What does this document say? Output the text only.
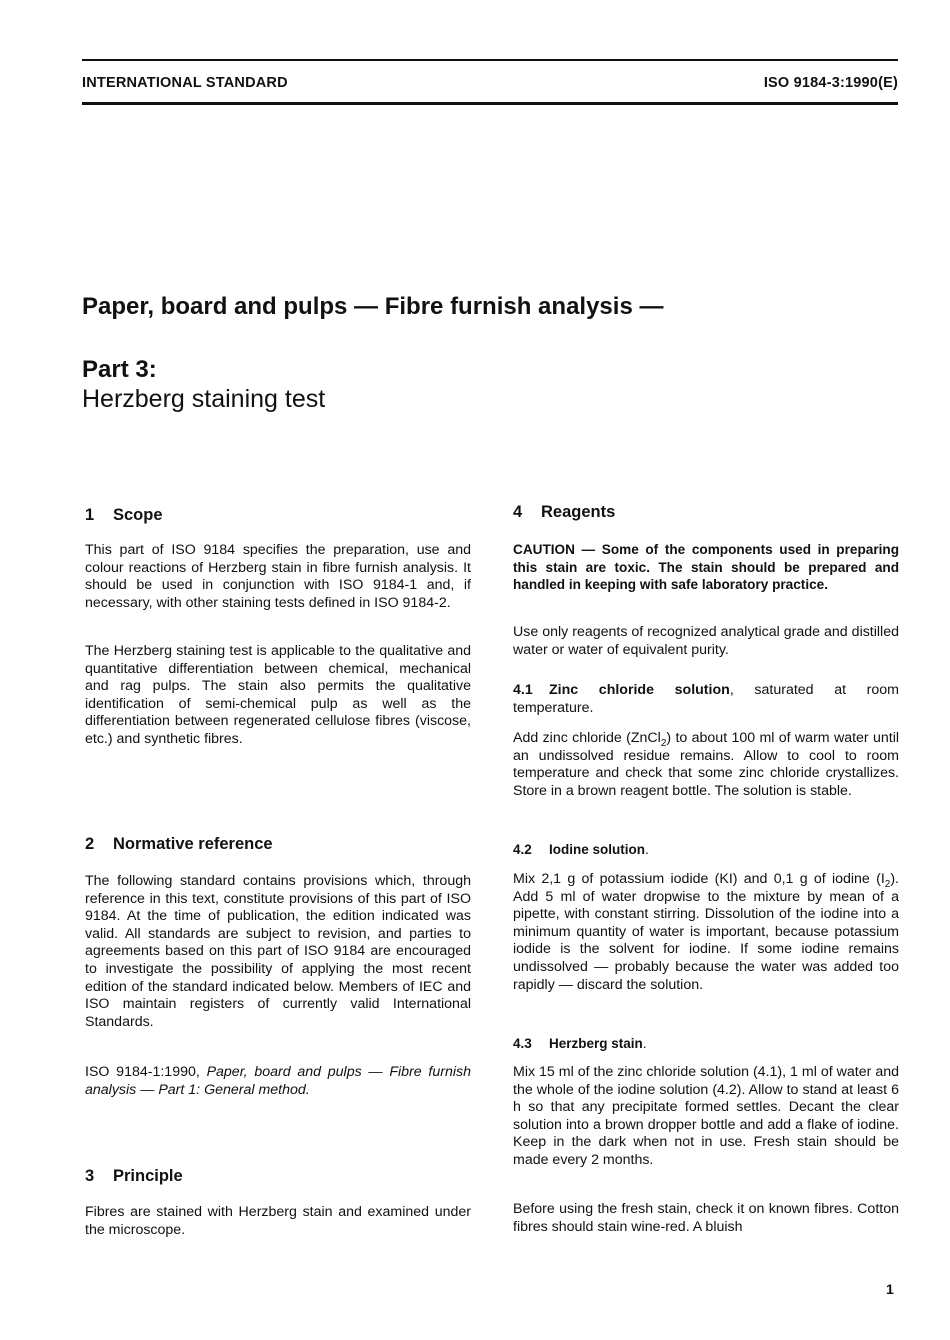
INTERNATIONAL STANDARD	ISO 9184-3:1990(E)
Paper, board and pulps — Fibre furnish analysis —
Part 3:
Herzberg staining test
1 Scope

This part of ISO 9184 specifies the preparation, use and colour reactions of Herzberg stain in fibre furnish analysis. It should be used in conjunction with ISO 9184-1 and, if necessary, with other staining tests defined in ISO 9184-2.

The Herzberg staining test is applicable to the qualitative and quantitative differentiation between chemical, mechanical and rag pulps. The stain also permits the qualitative identification of semi-chemical pulp as well as the differentiation between regenerated cellulose fibres (viscose, etc.) and synthetic fibres.

2 Normative reference

The following standard contains provisions which, through reference in this text, constitute provisions of this part of ISO 9184. At the time of publication, the edition indicated was valid. All standards are subject to revision, and parties to agreements based on this part of ISO 9184 are encouraged to investigate the possibility of applying the most recent edition of the standard indicated below. Members of IEC and ISO maintain registers of currently valid International Standards.

ISO 9184-1:1990, Paper, board and pulps — Fibre furnish analysis — Part 1: General method.

3 Principle

Fibres are stained with Herzberg stain and examined under the microscope.

4 Reagents

CAUTION — Some of the components used in preparing this stain are toxic. The stain should be prepared and handled in keeping with safe laboratory practice.

Use only reagents of recognized analytical grade and distilled water or water of equivalent purity.

4.1 Zinc chloride solution, saturated at room temperature.

Add zinc chloride (ZnCl$_2$) to about 100 ml of warm water until an undissolved residue remains. Allow to cool to room temperature and check that some zinc chloride crystallizes. Store in a brown reagent bottle. The solution is stable.

4.2 Iodine solution.

Mix 2,1 g of potassium iodide (KI) and 0,1 g of iodine $(I_2)$. Add 5 ml of water dropwise to the mixture by mean of a pipette, with constant stirring. Dissolution of the iodine into a minimum quantity of water is important, because potassium iodide is the solvent for iodine. If some iodine remains undissolved — probably because the water was added too rapidly — discard the solution.

4.3 Herzberg stain.

Mix 15 ml of the zinc chloride solution (4.1), 1 ml of water and the whole of the iodine solution (4.2). Allow to stand at least 6 h so that any precipitate formed settles. Decant the clear solution into a brown dropper bottle and add a flake of iodine. Keep in the dark when not in use. Fresh stain should be made every 2 months.

Before using the fresh stain, check it on known fibres. Cotton fibres should stain wine-red. A bluish

1
